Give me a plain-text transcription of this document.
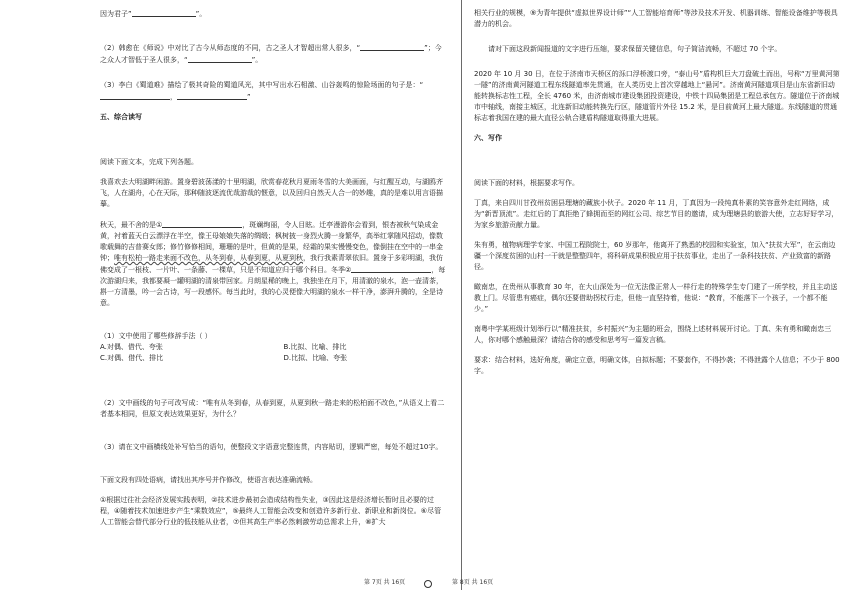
因为君子”	”。

（2）韩愈在《师说》中对比了古今从师态度的不同，古之圣人才智超出常人很多，“	”；今之众人才智低于圣人很多，“	”。

（3）李白《蜀道难》描绘了极其奇险的蜀道风光，其中写出水石相激、山谷轰鸣的惊险场面的句子是：“，	”

五、综合读写

阅读下面文本，完成下列各题。

我喜欢去大明湖畔闲游。置身碧波荡漾的十里明湖，欣赏春花秋月夏雨冬雪的大美画面，与红醒互动，与湖鸥齐飞，人在湖舟，心在天际，那种随波逐流优哉游哉的惬意，以及回归自然天人合一的妙趣，真的是难以用言语描摹。

秋天，最不舍的是①	，斑斓绚丽，令人目眩。迁亭漫游你会看到，银杏被秋气染成金黄，衬着蓝天白云漂浮在半空，像王母娘娘失落的绸缎；枫树披一身烈火腾一身繁华，高举红掌随风招动，像数歌载舞的吉普赛女郎；修竹修修相间，珊珊的是叶，但黄的是果，经霜的果实慢慢变色，像倒挂在空中的一串金钟；唯有松柏一路走来面不改色，从冬到春，从春到夏，从夏到秋，我行我素青翠依旧。置身于多彩明湖，我仿佛变成了一根枝、一片叶、一条藤、一棵草，只是不知道应归于哪个科目。冬季②	，每次游湖归来，我都要凝一罐明湖的清泉带回家。月朗星稀的晚上，我独坐在月下，用清澈的泉水，泡一壶清茶，斟一方清墨，吟一会古诗，写一段感怀。每当此时，我的心灵便像大明湖的泉水一样干净，澎湃升腾的，全是诗意。

（1）文中使用了哪些修辞手法（ ）

A.对偶、借代、夸张	B.比拟、比喻、排比
C.对偶、借代、排比	D.比拟、比喻、夸张

（2）文中画线的句子可改写成：“唯有从冬到春，从春到夏，从夏到秋一路走来的松柏面不改色，”从语义上看二者基本相同，但原文表达效果更好，为什么？

（3）请在文中画横线处补写恰当的语句，使整段文字语意完整连贯，内容贴切，逻辑严密，每处不超过10字。

下面文段有四处语病，请找出其序号并作修改，使语言表达准确流畅。

①根据过往社会经济发展实践表明，②技术进步最初会造成结构性失业，③因此这是经济增长暂时且必要的过程，④随着技术加速进步产生“乘数效应”，⑤最终人工智能会改变和创造许多新行业、新职业和新岗位。⑥尽管人工智能会替代部分行业的低技能从业者，⑦但其高生产率必然刺激劳动总需求上升，⑧扩大

相关行业的规模，⑨为青年提供“虚拟世界设计师”“人工智能培育师”等涉及技术开发、机器训练、智能设备维护等极具潜力的机会。

请对下面这段新闻报道的文字进行压缩，要求保留关键信息，句子简洁流畅，不超过 70 个字。

2020 年 10 月 30 日，在位于济南市天桥区的泺口浮桥渡口旁，“泰山号”盾构机巨大刀盘破土而出，号称“万里黄河第一隧”的济南黄河隧道工程东线隧道率先贯通，在人类历史上首次穿越地上“悬河”。济南黄河隧道项目是山东省新旧动能转换标志性工程，全长 4760 米，由济南城市建设集团投资建设，中铁十四局集团是工程总承包方。隧道位于济南城市中轴线，南接主城区，北连新旧动能转换先行区，隧道管片外径 15.2 米，是目前黄河上最大隧道。东线隧道的贯通标志着我国在建的最大直径公轨合建盾构隧道取得重大进展。

六、写作

阅读下面的材料，根据要求写作。

丁真，来自四川甘孜州贫困县理塘的藏族小伙子。2020 年 11 月，丁真因为一段纯真朴素的笑容意外走红网络，成为“新晋顶流”。走红后的丁真拒绝了蜂拥而至的网红公司、综艺节目的邀请，成为理塘县的旅游大使，立志好好学习，为家乡旅游贡献力量。

朱有勇，植物病理学专家、中国工程院院士，60 岁那年，他离开了熟悉的校园和实验室，加入“扶贫大军”，在云南边疆一个深度贫困的山村一干就是整整四年，将科研成果积极应用于扶贫事业，走出了一条科技扶贫、产业致富的新路径。

瞰南忠，在贵州从事教育 30 年，在大山深处为一位无法像正常人一样行走的特殊学生专门建了一所学校，并且主动送教上门。尽管患有癌症，偶尔还要借助拐杖行走，但他一直坚持着，他说：“教育，不能落下一个孩子，一个都不能少。”

南粤中学某班级计划举行以“精准扶贫，乡村振兴”为主题的班会，围绕上述材料展开讨论。丁真、朱有勇和瞰南忠三人，你对哪个感触最深？请结合你的感受和思考写一篇发言稿。

要求：结合材料，选好角度，确定立意，明确文体，自拟标题；不要套作，不得抄袭；不得泄露个人信息；不少于 800 字。

第 7页 共 16页	第 8页 共 16页
